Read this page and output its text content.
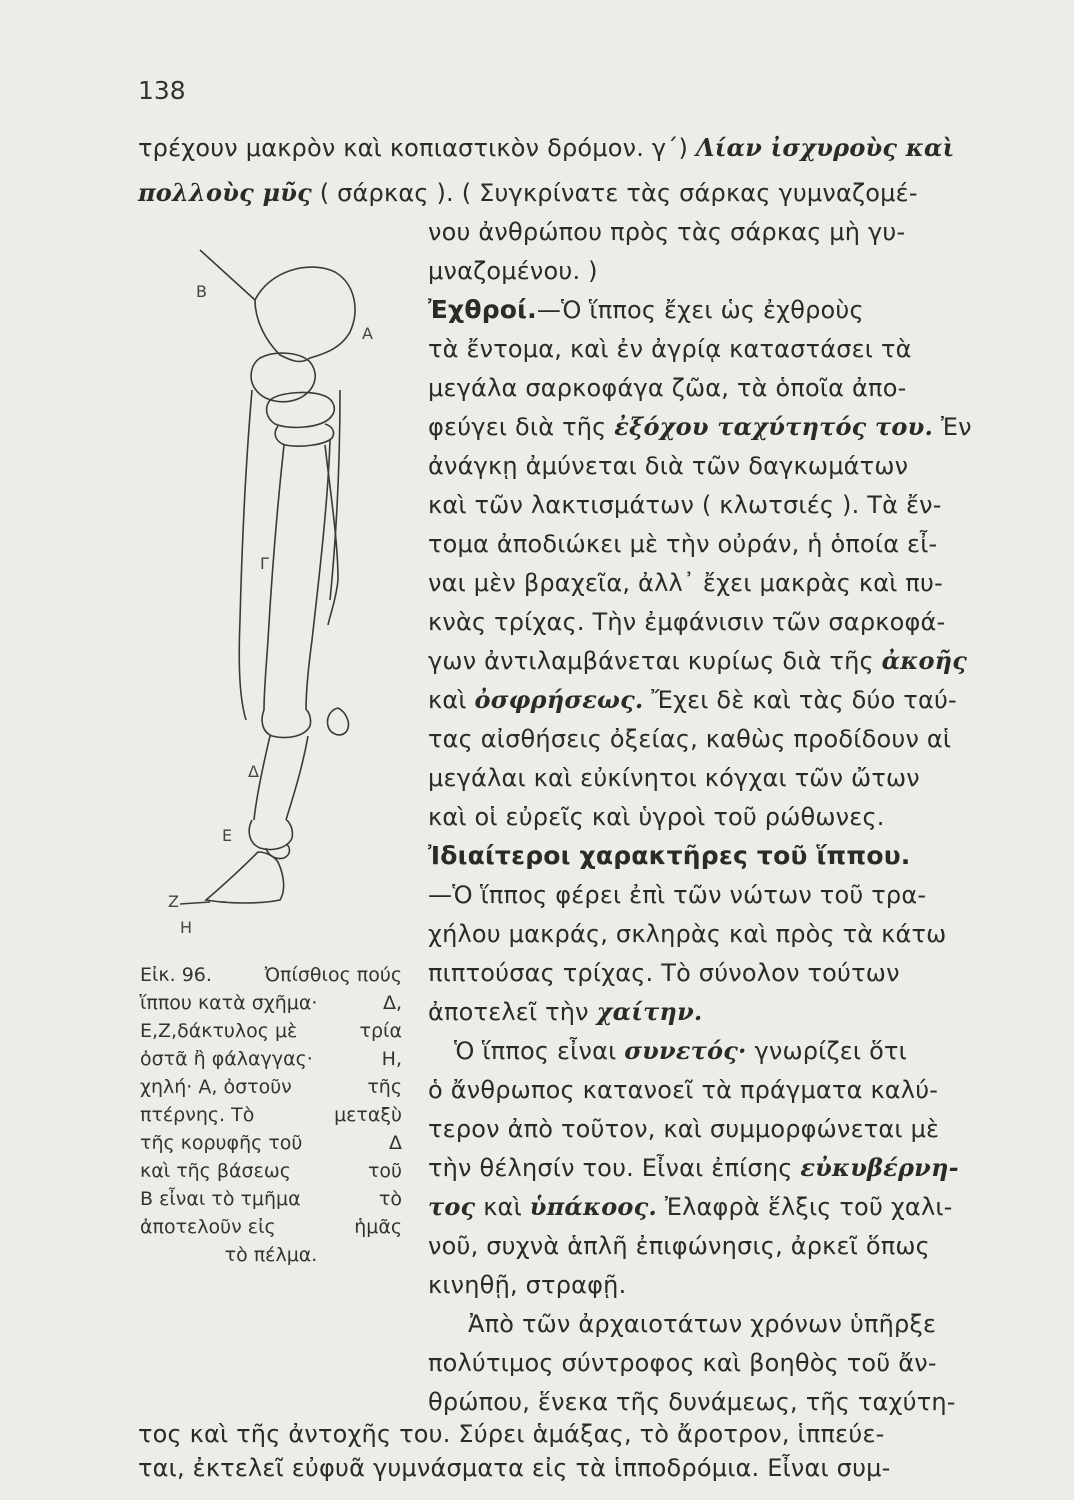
138
τρέχουν μακρὸν καὶ κοπιαστικὸν δρόμον. γ΄) Λίαν ἰσχυροὺς καὶ
πολλοὺς μῦς ( σάρκας ). ( Συγκρίνατε τὰς σάρκας γυμναζομέ-
νου ἀνθρώπου πρὸς τὰς σάρκας μὴ γυ-
μναζομένου. )
Ἐχθροί.—Ὁ ἵππος ἔχει ὡς ἐχθροὺς
τὰ ἔντομα, καὶ ἐν ἀγρίᾳ καταστάσει τὰ
μεγάλα σαρκοφάγα ζῶα, τὰ ὁποῖα ἀπο-
φεύγει διὰ τῆς ἐξόχου ταχύτητός του. Ἐν
ἀνάγκῃ ἀμύνεται διὰ τῶν δαγκωμάτων
καὶ τῶν λακτισμάτων ( κλωτσιές ). Τὰ ἔν-
τομα ἀποδιώκει μὲ τὴν οὐράν, ἡ ὁποία εἶ-
ναι μὲν βραχεῖα, ἀλλ᾽ ἔχει μακρὰς καὶ πυ-
κνὰς τρίχας. Τὴν ἐμφάνισιν τῶν σαρκοφά-
γων ἀντιλαμβάνεται κυρίως διὰ τῆς ἀκοῆς
καὶ ὀσφρήσεως. Ἔχει δὲ καὶ τὰς δύο ταύ-
τας αἰσθήσεις ὀξείας, καθὼς προδίδουν αἱ
μεγάλαι καὶ εὐκίνητοι κόγχαι τῶν ὤτων
καὶ οἱ εὐρεῖς καὶ ὑγροὶ τοῦ ρώθωνες.
Ἰδιαίτεροι χαρακτῆρες τοῦ ἵππου.
—Ὁ ἵππος φέρει ἐπὶ τῶν νώτων τοῦ τρα-
χήλου μακράς, σκληρὰς καὶ πρὸς τὰ κάτω
πιπτούσας τρίχας. Τὸ σύνολον τούτων
ἀποτελεῖ τὴν χαίτην.
Ὁ ἵππος εἶναι συνετός· γνωρίζει ὅτι
ὁ ἄνθρωπος κατανοεῖ τὰ πράγματα καλύ-
τερον ἀπὸ τοῦτον, καὶ συμμορφώνεται μὲ
τὴν θέλησίν του. Εἶναι ἐπίσης εὐκυβέρνη-
τος καὶ ὑπάκοος. Ἐλαφρὰ ἕλξις τοῦ χαλι-
νοῦ, συχνὰ ἁπλῆ ἐπιφώνησις, ἀρκεῖ ὅπως
κινηθῇ, στραφῇ.
Ἀπὸ τῶν ἀρχαιοτάτων χρόνων ὑπῆρξε
πολύτιμος σύντροφος καὶ βοηθὸς τοῦ ἄν-
θρώπου, ἕνεκα τῆς δυνάμεως, τῆς ταχύτη-
τος καὶ τῆς ἀντοχῆς του. Σύρει ἁμάξας, τὸ ἄροτρον, ἱππεύε-
ται, ἐκτελεῖ εὐφυᾶ γυμνάσματα εἰς τὰ ἱπποδρόμια. Εἶναι συμ-
B
A
Γ
Δ
E
Z
H
Εἰκ. 96.	Ὀπίσθιος πούς
ἵππου κατὰ σχῆμα·	Δ,
Ε,Ζ,δάκτυλος μὲ	τρία
ὀστᾶ ἢ φάλαγγας·	Η,
χηλή· Α, ὀστοῦν	τῆς
πτέρνης. Τὸ	μεταξὺ
τῆς κορυφῆς τοῦ	Δ
καὶ τῆς βάσεως	τοῦ
Β εἶναι τὸ τμῆμα	τὸ
ἀποτελοῦν εἰς	ἡμᾶς
τὸ πέλμα.
